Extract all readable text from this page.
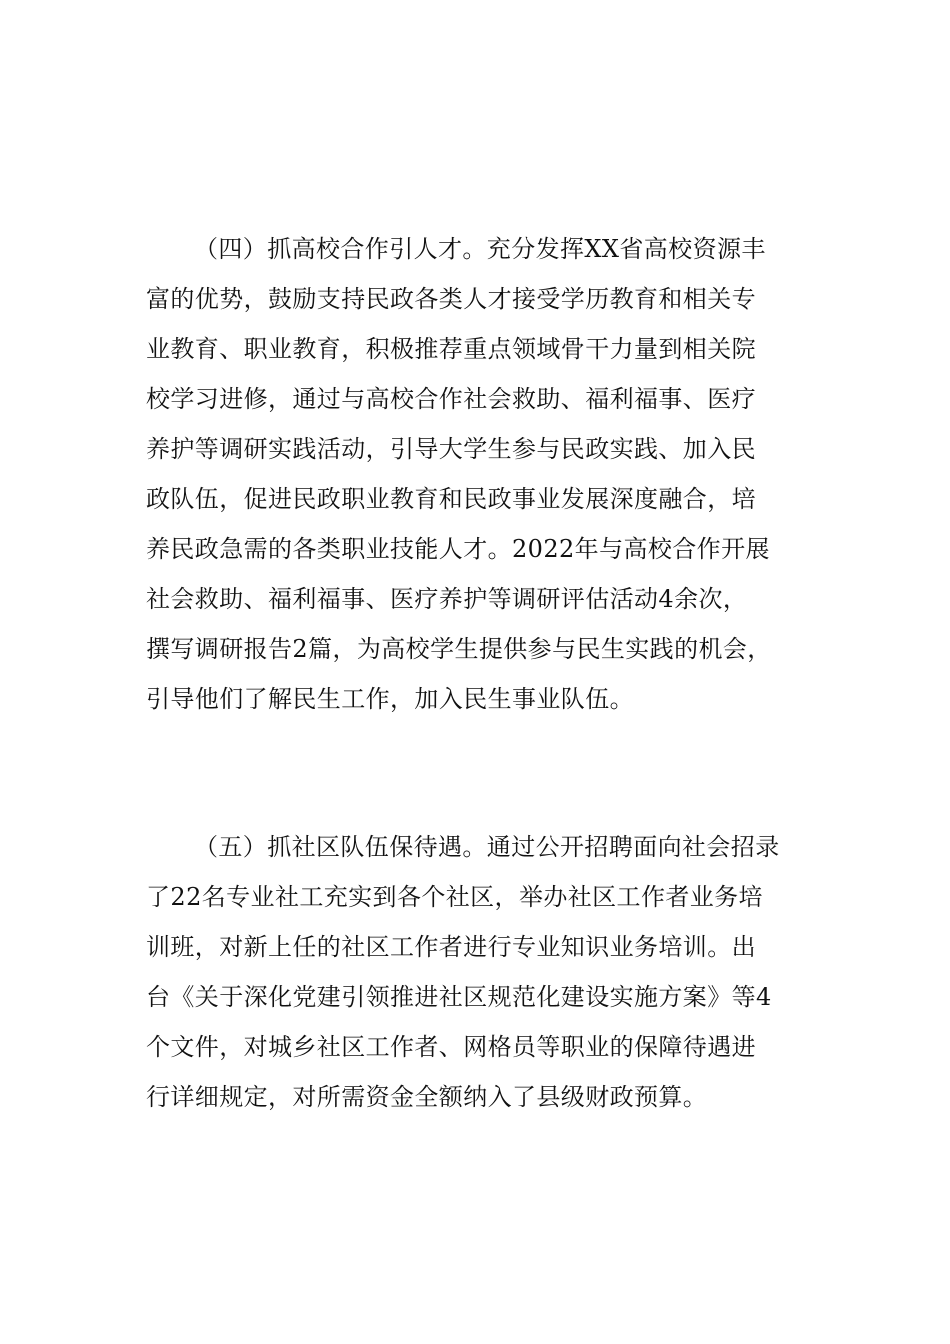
（四）抓高校合作引人才。充分发挥XX省高校资源丰
富的优势，鼓励支持民政各类人才接受学历教育和相关专
业教育、职业教育，积极推荐重点领域骨干力量到相关院
校学习进修，通过与高校合作社会救助、福利福事、医疗
养护等调研实践活动，引导大学生参与民政实践、加入民
政队伍，促进民政职业教育和民政事业发展深度融合，培
养民政急需的各类职业技能人才。2022年与高校合作开展
社会救助、福利福事、医疗养护等调研评估活动4余次，
撰写调研报告2篇，为高校学生提供参与民生实践的机会，
引导他们了解民生工作，加入民生事业队伍。
（五）抓社区队伍保待遇。通过公开招聘面向社会招录
了22名专业社工充实到各个社区，举办社区工作者业务培
训班，对新上任的社区工作者进行专业知识业务培训。出
台《关于深化党建引领推进社区规范化建设实施方案》等4
个文件，对城乡社区工作者、网格员等职业的保障待遇进
行详细规定，对所需资金全额纳入了县级财政预算。
